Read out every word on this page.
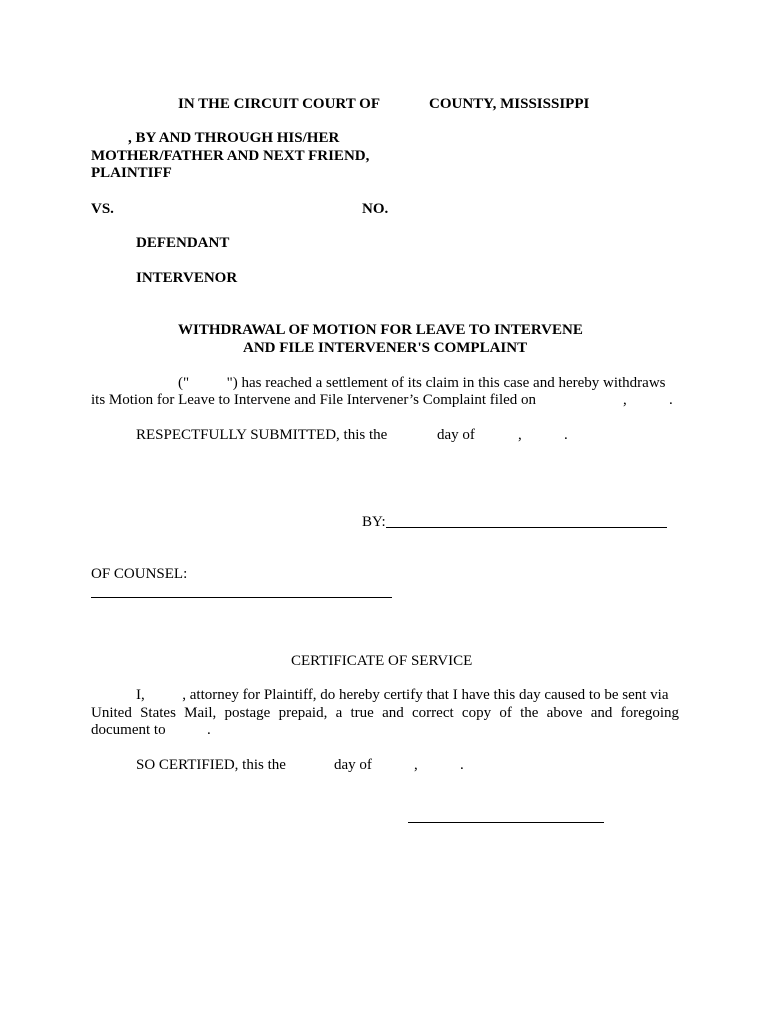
IN THE CIRCUIT COURT OF	COUNTY, MISSISSIPPI
, BY AND THROUGH HIS/HER
MOTHER/FATHER AND NEXT FRIEND,
PLAINTIFF
VS.	NO.
DEFENDANT
INTERVENOR
WITHDRAWAL OF MOTION FOR LEAVE TO INTERVENE
AND FILE INTERVENER'S COMPLAINT
("          ") has reached a settlement of its claim in this case and hereby withdraws
its Motion for Leave to Intervene and File Intervener’s Complaint filed on	,	.
RESPECTFULLY SUBMITTED, this the	day of	,	.
BY:
OF COUNSEL:
CERTIFICATE OF SERVICE
I,          , attorney for Plaintiff, do hereby certify that I have this day caused to be sent via
United States Mail, postage prepaid, a true and correct copy of the above and foregoing
document to	.
SO CERTIFIED, this the	day of	,	.
